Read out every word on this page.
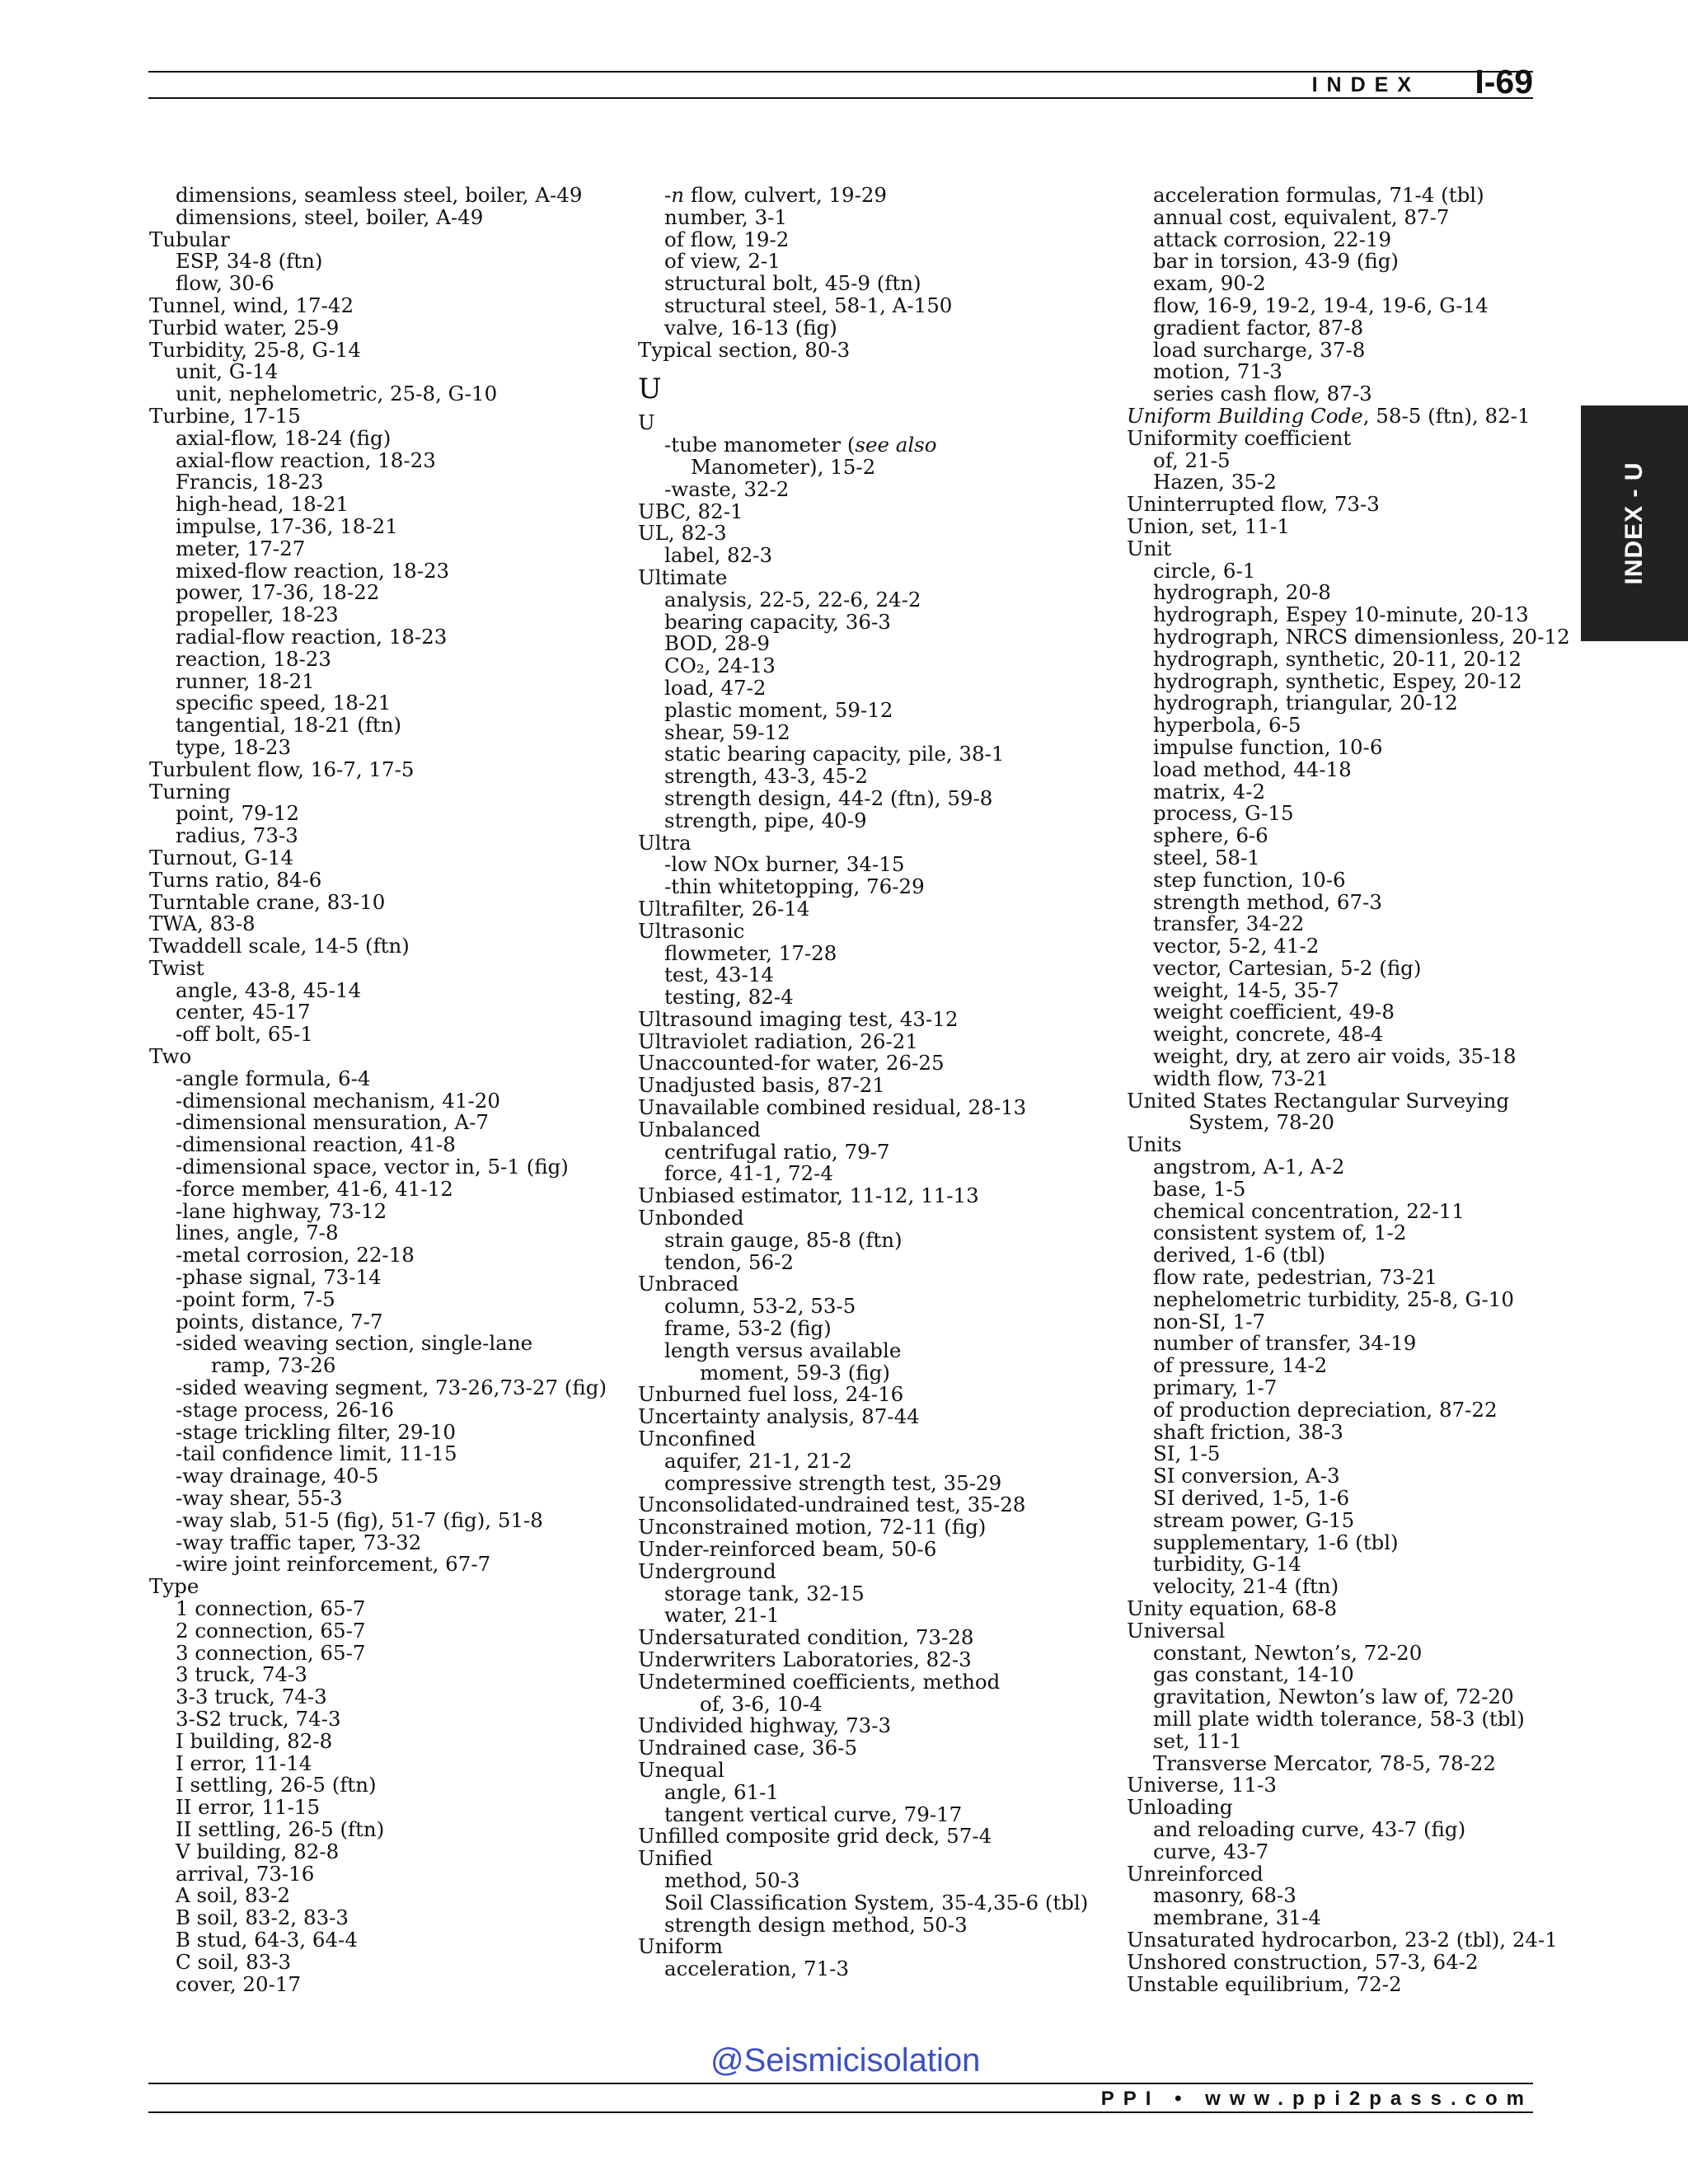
INDEX I-69
INDEX - U
dimensions, seamless steel, boiler, A-49
dimensions, steel, boiler, A-49
Tubular
ESP, 34-8 (ftn)
flow, 30-6
Tunnel, wind, 17-42
Turbid water, 25-9
Turbidity, 25-8, G-14
unit, G-14
unit, nephelometric, 25-8, G-10
Turbine, 17-15
axial-flow, 18-24 (fig)
axial-flow reaction, 18-23
Francis, 18-23
high-head, 18-21
impulse, 17-36, 18-21
meter, 17-27
mixed-flow reaction, 18-23
power, 17-36, 18-22
propeller, 18-23
radial-flow reaction, 18-23
reaction, 18-23
runner, 18-21
specific speed, 18-21
tangential, 18-21 (ftn)
type, 18-23
Turbulent flow, 16-7, 17-5
Turning
point, 79-12
radius, 73-3
Turnout, G-14
Turns ratio, 84-6
Turntable crane, 83-10
TWA, 83-8
Twaddell scale, 14-5 (ftn)
Twist
angle, 43-8, 45-14
center, 45-17
-off bolt, 65-1
Two
-angle formula, 6-4
-dimensional mechanism, 41-20
-dimensional mensuration, A-7
-dimensional reaction, 41-8
-dimensional space, vector in, 5-1 (fig)
-force member, 41-6, 41-12
-lane highway, 73-12
lines, angle, 7-8
-metal corrosion, 22-18
-phase signal, 73-14
-point form, 7-5
points, distance, 7-7
-sided weaving section, single-lane
ramp, 73-26
-sided weaving segment, 73-26,73-27 (fig)
-stage process, 26-16
-stage trickling filter, 29-10
-tail confidence limit, 11-15
-way drainage, 40-5
-way shear, 55-3
-way slab, 51-5 (fig), 51-7 (fig), 51-8
-way traffic taper, 73-32
-wire joint reinforcement, 67-7
Type
1 connection, 65-7
2 connection, 65-7
3 connection, 65-7
3 truck, 74-3
3-3 truck, 74-3
3-S2 truck, 74-3
I building, 82-8
I error, 11-14
I settling, 26-5 (ftn)
II error, 11-15
II settling, 26-5 (ftn)
V building, 82-8
arrival, 73-16
A soil, 83-2
B soil, 83-2, 83-3
B stud, 64-3, 64-4
C soil, 83-3
cover, 20-17
-n flow, culvert, 19-29
number, 3-1
of flow, 19-2
of view, 2-1
structural bolt, 45-9 (ftn)
structural steel, 58-1, A-150
valve, 16-13 (fig)
Typical section, 80-3
U
U
-tube manometer (see also
Manometer), 15-2
-waste, 32-2
UBC, 82-1
UL, 82-3
label, 82-3
Ultimate
analysis, 22-5, 22-6, 24-2
bearing capacity, 36-3
BOD, 28-9
CO₂, 24-13
load, 47-2
plastic moment, 59-12
shear, 59-12
static bearing capacity, pile, 38-1
strength, 43-3, 45-2
strength design, 44-2 (ftn), 59-8
strength, pipe, 40-9
Ultra
-low NOx burner, 34-15
-thin whitetopping, 76-29
Ultrafilter, 26-14
Ultrasonic
flowmeter, 17-28
test, 43-14
testing, 82-4
Ultrasound imaging test, 43-12
Ultraviolet radiation, 26-21
Unaccounted-for water, 26-25
Unadjusted basis, 87-21
Unavailable combined residual, 28-13
Unbalanced
centrifugal ratio, 79-7
force, 41-1, 72-4
Unbiased estimator, 11-12, 11-13
Unbonded
strain gauge, 85-8 (ftn)
tendon, 56-2
Unbraced
column, 53-2, 53-5
frame, 53-2 (fig)
length versus available
moment, 59-3 (fig)
Unburned fuel loss, 24-16
Uncertainty analysis, 87-44
Unconfined
aquifer, 21-1, 21-2
compressive strength test, 35-29
Unconsolidated-undrained test, 35-28
Unconstrained motion, 72-11 (fig)
Under-reinforced beam, 50-6
Underground
storage tank, 32-15
water, 21-1
Undersaturated condition, 73-28
Underwriters Laboratories, 82-3
Undetermined coefficients, method
of, 3-6, 10-4
Undivided highway, 73-3
Undrained case, 36-5
Unequal
angle, 61-1
tangent vertical curve, 79-17
Unfilled composite grid deck, 57-4
Unified
method, 50-3
Soil Classification System, 35-4,35-6 (tbl)
strength design method, 50-3
Uniform
acceleration, 71-3
acceleration formulas, 71-4 (tbl)
annual cost, equivalent, 87-7
attack corrosion, 22-19
bar in torsion, 43-9 (fig)
exam, 90-2
flow, 16-9, 19-2, 19-4, 19-6, G-14
gradient factor, 87-8
load surcharge, 37-8
motion, 71-3
series cash flow, 87-3
Uniform Building Code, 58-5 (ftn), 82-1
Uniformity coefficient
of, 21-5
Hazen, 35-2
Uninterrupted flow, 73-3
Union, set, 11-1
Unit
circle, 6-1
hydrograph, 20-8
hydrograph, Espey 10-minute, 20-13
hydrograph, NRCS dimensionless, 20-12
hydrograph, synthetic, 20-11, 20-12
hydrograph, synthetic, Espey, 20-12
hydrograph, triangular, 20-12
hyperbola, 6-5
impulse function, 10-6
load method, 44-18
matrix, 4-2
process, G-15
sphere, 6-6
steel, 58-1
step function, 10-6
strength method, 67-3
transfer, 34-22
vector, 5-2, 41-2
vector, Cartesian, 5-2 (fig)
weight, 14-5, 35-7
weight coefficient, 49-8
weight, concrete, 48-4
weight, dry, at zero air voids, 35-18
width flow, 73-21
United States Rectangular Surveying
System, 78-20
Units
angstrom, A-1, A-2
base, 1-5
chemical concentration, 22-11
consistent system of, 1-2
derived, 1-6 (tbl)
flow rate, pedestrian, 73-21
nephelometric turbidity, 25-8, G-10
non-SI, 1-7
number of transfer, 34-19
of pressure, 14-2
primary, 1-7
of production depreciation, 87-22
shaft friction, 38-3
SI, 1-5
SI conversion, A-3
SI derived, 1-5, 1-6
stream power, G-15
supplementary, 1-6 (tbl)
turbidity, G-14
velocity, 21-4 (ftn)
Unity equation, 68-8
Universal
constant, Newton’s, 72-20
gas constant, 14-10
gravitation, Newton’s law of, 72-20
mill plate width tolerance, 58-3 (tbl)
set, 11-1
Transverse Mercator, 78-5, 78-22
Universe, 11-3
Unloading
and reloading curve, 43-7 (fig)
curve, 43-7
Unreinforced
masonry, 68-3
membrane, 31-4
Unsaturated hydrocarbon, 23-2 (tbl), 24-1
Unshored construction, 57-3, 64-2
Unstable equilibrium, 72-2
@Seismicisolation
PPI • www.ppi2pass.com
